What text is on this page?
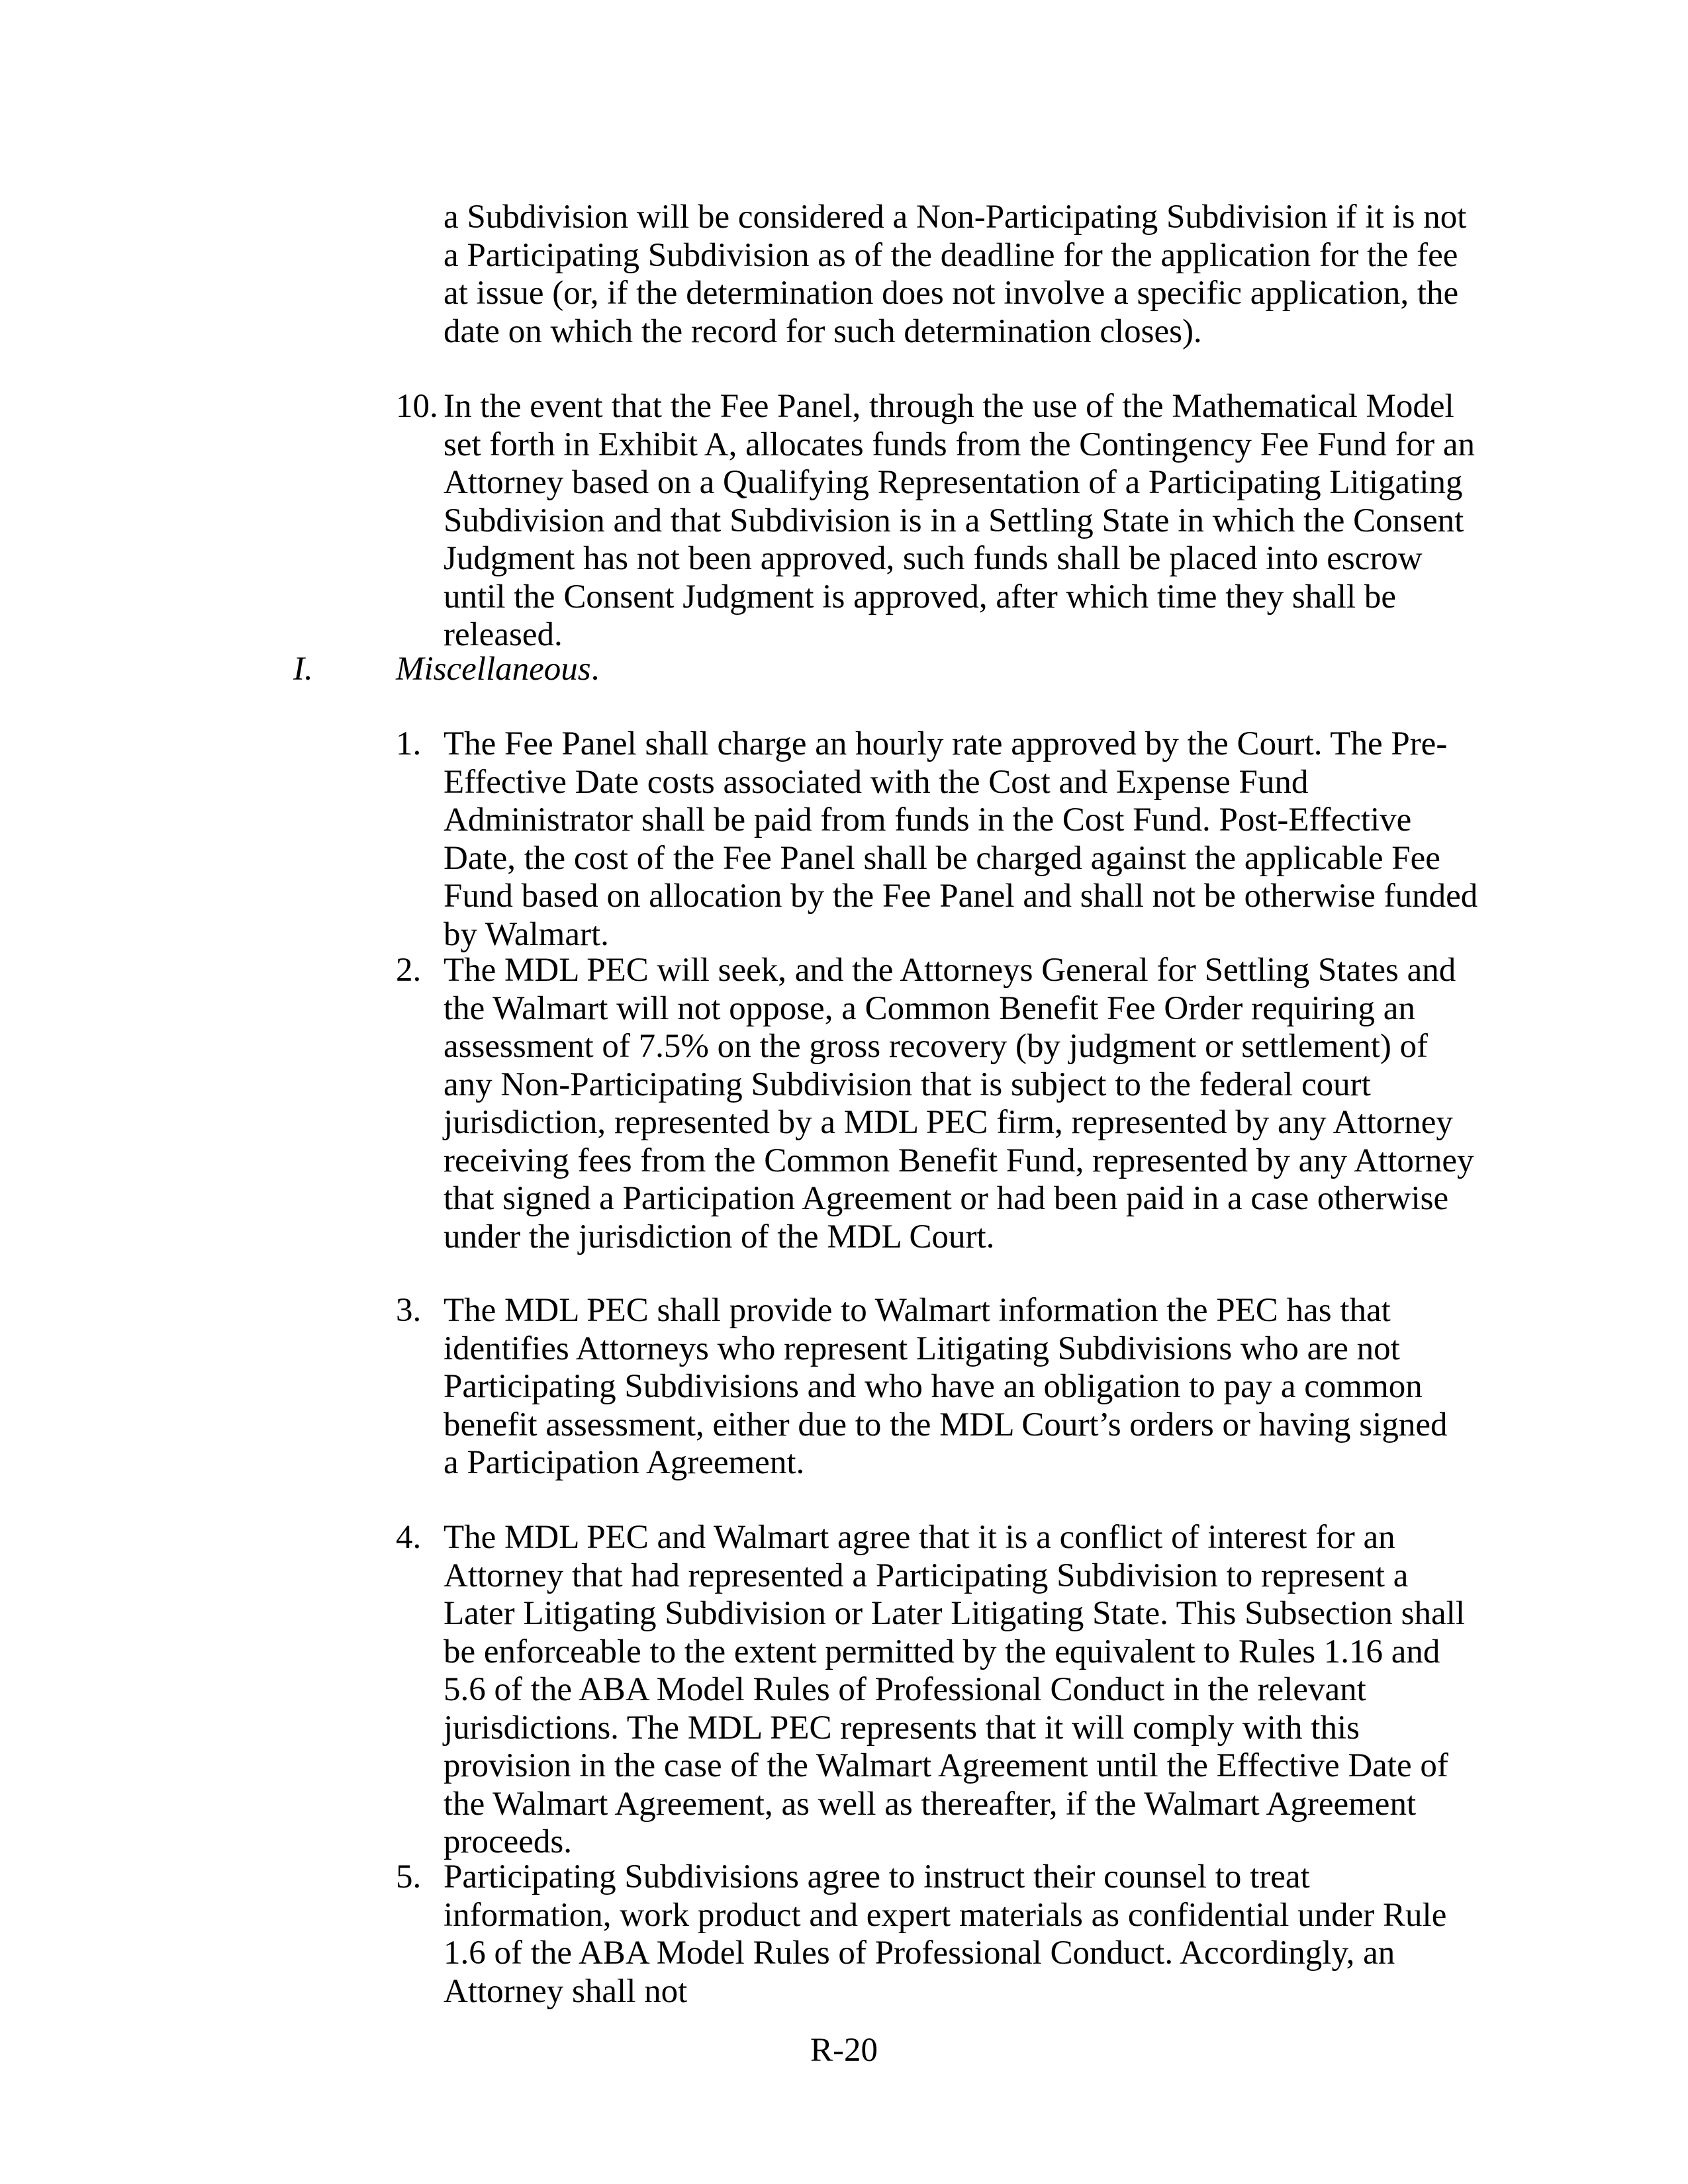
a Subdivision will be considered a Non-Participating Subdivision if it is not a Participating Subdivision as of the deadline for the application for the fee at issue (or, if the determination does not involve a specific application, the date on which the record for such determination closes).

10. In the event that the Fee Panel, through the use of the Mathematical Model set forth in Exhibit A, allocates funds from the Contingency Fee Fund for an Attorney based on a Qualifying Representation of a Participating Litigating Subdivision and that Subdivision is in a Settling State in which the Consent Judgment has not been approved, such funds shall be placed into escrow until the Consent Judgment is approved, after which time they shall be released.

I. Miscellaneous.

1. The Fee Panel shall charge an hourly rate approved by the Court. The Pre-Effective Date costs associated with the Cost and Expense Fund Administrator shall be paid from funds in the Cost Fund. Post-Effective Date, the cost of the Fee Panel shall be charged against the applicable Fee Fund based on allocation by the Fee Panel and shall not be otherwise funded by Walmart.

2. The MDL PEC will seek, and the Attorneys General for Settling States and the Walmart will not oppose, a Common Benefit Fee Order requiring an assessment of 7.5% on the gross recovery (by judgment or settlement) of any Non-Participating Subdivision that is subject to the federal court jurisdiction, represented by a MDL PEC firm, represented by any Attorney receiving fees from the Common Benefit Fund, represented by any Attorney that signed a Participation Agreement or had been paid in a case otherwise under the jurisdiction of the MDL Court.

3. The MDL PEC shall provide to Walmart information the PEC has that identifies Attorneys who represent Litigating Subdivisions who are not Participating Subdivisions and who have an obligation to pay a common benefit assessment, either due to the MDL Court’s orders or having signed a Participation Agreement.

4. The MDL PEC and Walmart agree that it is a conflict of interest for an Attorney that had represented a Participating Subdivision to represent a Later Litigating Subdivision or Later Litigating State. This Subsection shall be enforceable to the extent permitted by the equivalent to Rules 1.16 and 5.6 of the ABA Model Rules of Professional Conduct in the relevant jurisdictions. The MDL PEC represents that it will comply with this provision in the case of the Walmart Agreement until the Effective Date of the Walmart Agreement, as well as thereafter, if the Walmart Agreement proceeds.

5. Participating Subdivisions agree to instruct their counsel to treat information, work product and expert materials as confidential under Rule 1.6 of the ABA Model Rules of Professional Conduct. Accordingly, an Attorney shall not

R-20
